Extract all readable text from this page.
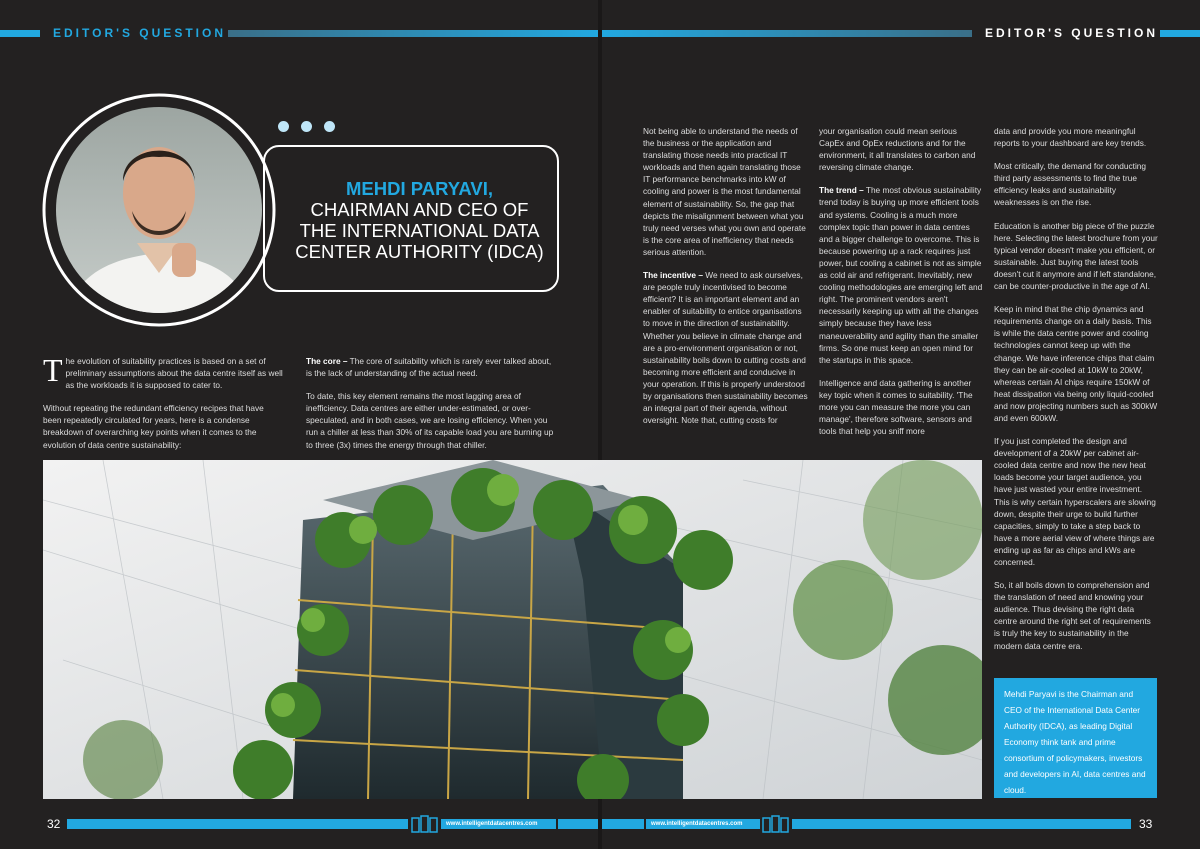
EDITOR'S QUESTION	EDITOR'S QUESTION
MEHDI PARYAVI,
CHAIRMAN AND CEO OF THE INTERNATIONAL DATA CENTER AUTHORITY (IDCA)

The evolution of suitability practices is based on a set of preliminary assumptions about the data centre itself as well as the workloads it is supposed to cater to.

Without repeating the redundant efficiency recipes that have been repeatedly circulated for years, here is a condense breakdown of overarching key points when it comes to the evolution of data centre sustainability:

The core – The core of suitability which is rarely ever talked about, is the lack of understanding of the actual need.

To date, this key element remains the most lagging area of inefficiency. Data centres are either under-estimated, or over-speculated, and in both cases, we are losing efficiency. When you run a chiller at less than 30% of its capable load you are burning up to three (3x) times the energy through that chiller.

Not being able to understand the needs of the business or the application and translating those needs into practical IT workloads and then again translating those IT performance benchmarks into kW of cooling and power is the most fundamental element of sustainability. So, the gap that depicts the misalignment between what you truly need verses what you own and operate is the core area of inefficiency that needs serious attention.

The incentive – We need to ask ourselves, are people truly incentivised to become efficient? It is an important element and an enabler of suitability to entice organisations to move in the direction of sustainability. Whether you believe in climate change and are a pro-environment organisation or not, sustainability boils down to cutting costs and becoming more efficient and conducive in your operation. If this is properly understood by organisations then sustainability becomes an integral part of their agenda, without oversight. Note that, cutting costs for

your organisation could mean serious CapEx and OpEx reductions and for the environment, it all translates to carbon and reversing climate change.

The trend – The most obvious sustainability trend today is buying up more efficient tools and systems. Cooling is a much more complex topic than power in data centres and a bigger challenge to overcome. This is because powering up a rack requires just power, but cooling a cabinet is not as simple as cold air and refrigerant. Inevitably, new cooling methodologies are emerging left and right. The prominent vendors aren't necessarily keeping up with all the changes simply because they have less maneuverability and agility than the smaller firms. So one must keep an open mind for the startups in this space.

Intelligence and data gathering is another key topic when it comes to suitability. 'The more you can measure the more you can manage', therefore software, sensors and tools that help you sniff more

data and provide you more meaningful reports to your dashboard are key trends.

Most critically, the demand for conducting third party assessments to find the true efficiency leaks and sustainability weaknesses is on the rise.

Education is another big piece of the puzzle here. Selecting the latest brochure from your typical vendor doesn't make you efficient, or sustainable. Just buying the latest tools doesn't cut it anymore and if left standalone, can be counter-productive in the age of AI.

Keep in mind that the chip dynamics and requirements change on a daily basis. This is while the data centre power and cooling technologies cannot keep up with the change. We have inference chips that claim they can be air-cooled at 10kW to 20kW, whereas certain AI chips require 150kW of heat dissipation via being only liquid-cooled and now projecting numbers such as 300kW and even 600kW.

If you just completed the design and development of a 20kW per cabinet air-cooled data centre and now the new heat loads become your target audience, you have just wasted your entire investment. This is why certain hyperscalers are slowing down, despite their urge to build further capacities, simply to take a step back to have a more aerial view of where things are ending up as far as chips and kWs are concerned.

So, it all boils down to comprehension and the translation of need and knowing your audience. Thus devising the right data centre around the right set of requirements is truly the key to sustainability in the modern data centre era.

Mehdi Paryavi is the Chairman and CEO of the International Data Center Authority (IDCA), as leading Digital Economy think tank and prime consortium of policymakers, investors and developers in AI, data centres and cloud.
32	www.intelligentdatacentres.com	www.intelligentdatacentres.com	33
